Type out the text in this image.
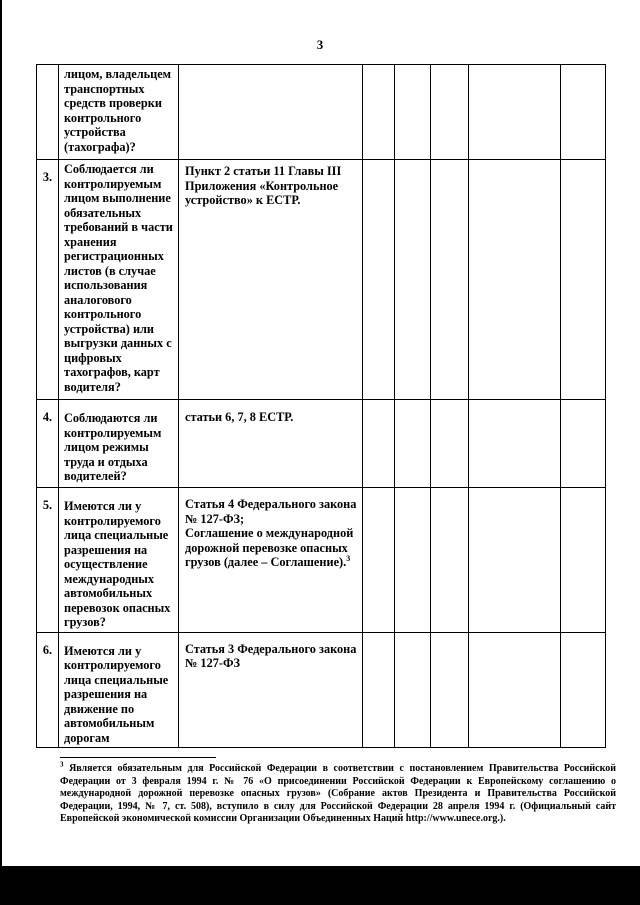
3
	лицом, владельцем транспортных средств проверки контрольного устройства (тахографа)?						
3.	Соблюдается ли контролируемым лицом выполнение обязательных требований в части хранения регистрационных листов (в случае использования аналогового контрольного устройства) или выгрузки данных с цифровых тахографов, карт водителя?	Пункт 2 статьи 11 Главы III Приложения «Контрольное устройство» к ЕСТР.					
4.	Соблюдаются ли контролируемым лицом режимы труда и отдыха водителей?	статьи 6, 7, 8 ЕСТР.					
5.	Имеются ли у контролируемого лица специальные разрешения на осуществление международных автомобильных перевозок опасных грузов?	Статья 4 Федерального закона № 127-ФЗ;
Соглашение о международной дорожной перевозке опасных грузов (далее – Соглашение).$^3$					
6.	Имеются ли у контролируемого лица специальные разрешения на движение по автомобильным дорогам	Статья 3 Федерального закона № 127-ФЗ					
$^3$ Является обязательным для Российской Федерации в соответствии с постановлением Правительства Российской Федерации от 3 февраля 1994 г. № 76 «О присоединении Российской Федерации к Европейскому соглашению о международной дорожной перевозке опасных грузов» (Собрание актов Президента и Правительства Российской Федерации, 1994, № 7, ст. 508), вступило в силу для Российской Федерации 28 апреля 1994 г. (Официальный сайт Европейской экономической комиссии Организации Объединенных Наций http://www.unece.org.).
